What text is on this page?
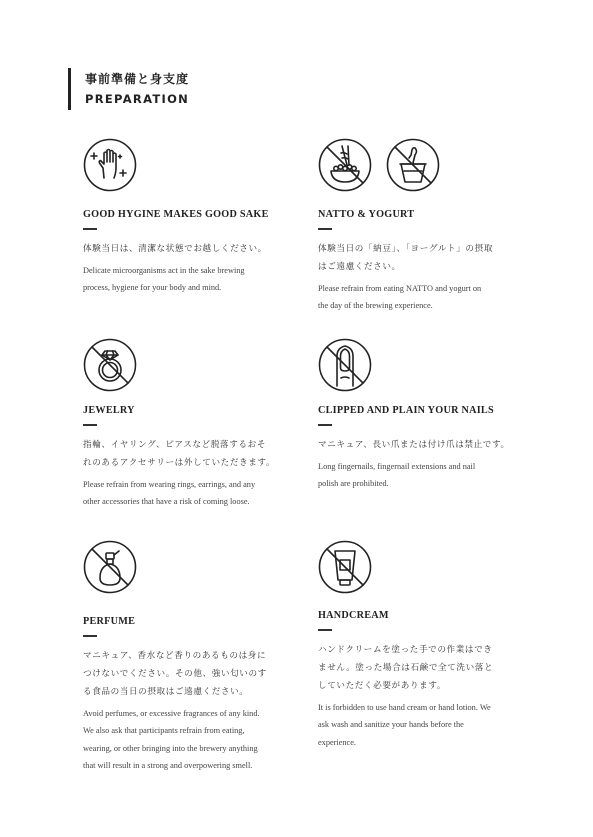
事前準備と身支度
PREPARATION
GOOD HYGINE MAKES GOOD SAKE
体験当日は、清潔な状態でお越しください。
Delicate microorganisms act in the sake brewing
process, hygiene for your body and mind.
NATTO & YOGURT
体験当日の「納豆」、「ヨーグルト」の摂取
はご遠慮ください。
Please refrain from eating NATTO and yogurt on
the day of the brewing experience.
JEWELRY
指輪、イヤリング、ピアスなど脱落するおそ
れのあるアクセサリーは外していただきます。
Please refrain from wearing rings, earrings, and any
other accessories that have a risk of coming loose.
CLIPPED AND PLAIN YOUR NAILS
マニキュア、長い爪または付け爪は禁止です。
Long fingernails, fingernail extensions and nail
polish are prohibited.
PERFUME
マニキュア、香水など香りのあるものは身に
つけないでください。その他、強い匂いのす
る食品の当日の摂取はご遠慮ください。
Avoid perfumes, or excessive fragrances of any kind.
We also ask that participants refrain from eating,
wearing, or other bringing into the brewery anything
that will result in a strong and overpowering smell.
HANDCREAM
ハンドクリームを塗った手での作業はでき
ません。塗った場合は石鹸で全て洗い落と
していただく必要があります。
It is forbidden to use hand cream or hand lotion. We
ask wash and sanitize your hands before the
experience.
